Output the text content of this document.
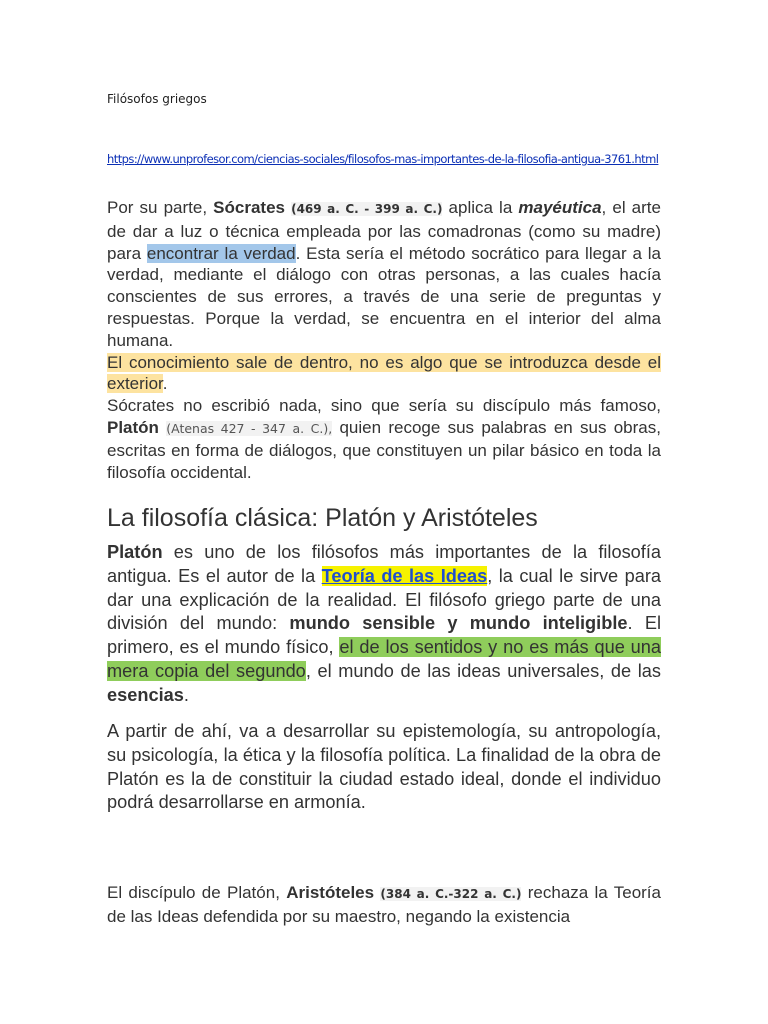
Filósofos griegos
https://www.unprofesor.com/ciencias-sociales/filosofos-mas-importantes-de-la-filosofia-antigua-3761.html

Por su parte, Sócrates (469 a. C. - 399 a. C.) aplica la mayéutica, el arte de dar a luz o técnica empleada por las comadronas (como su madre) para encontrar la verdad. Esta sería el método socrático para llegar a la verdad, mediante el diálogo con otras personas, a las cuales hacía conscientes de sus errores, a través de una serie de preguntas y respuestas. Porque la verdad, se encuentra en el interior del alma humana.

El conocimiento sale de dentro, no es algo que se introduzca desde el exterior.

Sócrates no escribió nada, sino que sería su discípulo más famoso, Platón (Atenas 427 - 347 a. C.), quien recoge sus palabras en sus obras, escritas en forma de diálogos, que constituyen un pilar básico en toda la filosofía occidental.

La filosofía clásica: Platón y Aristóteles

Platón es uno de los filósofos más importantes de la filosofía antigua. Es el autor de la Teoría de las Ideas, la cual le sirve para dar una explicación de la realidad. El filósofo griego parte de una división del mundo: mundo sensible y mundo inteligible. El primero, es el mundo físico, el de los sentidos y no es más que una mera copia del segundo, el mundo de las ideas universales, de las esencias.

A partir de ahí, va a desarrollar su epistemología, su antropología, su psicología, la ética y la filosofía política. La finalidad de la obra de Platón es la de constituir la ciudad estado ideal, donde el individuo podrá desarrollarse en armonía.

El discípulo de Platón, Aristóteles (384 a. C.-322 a. C.) rechaza la Teoría de las Ideas defendida por su maestro, negando la existencia
